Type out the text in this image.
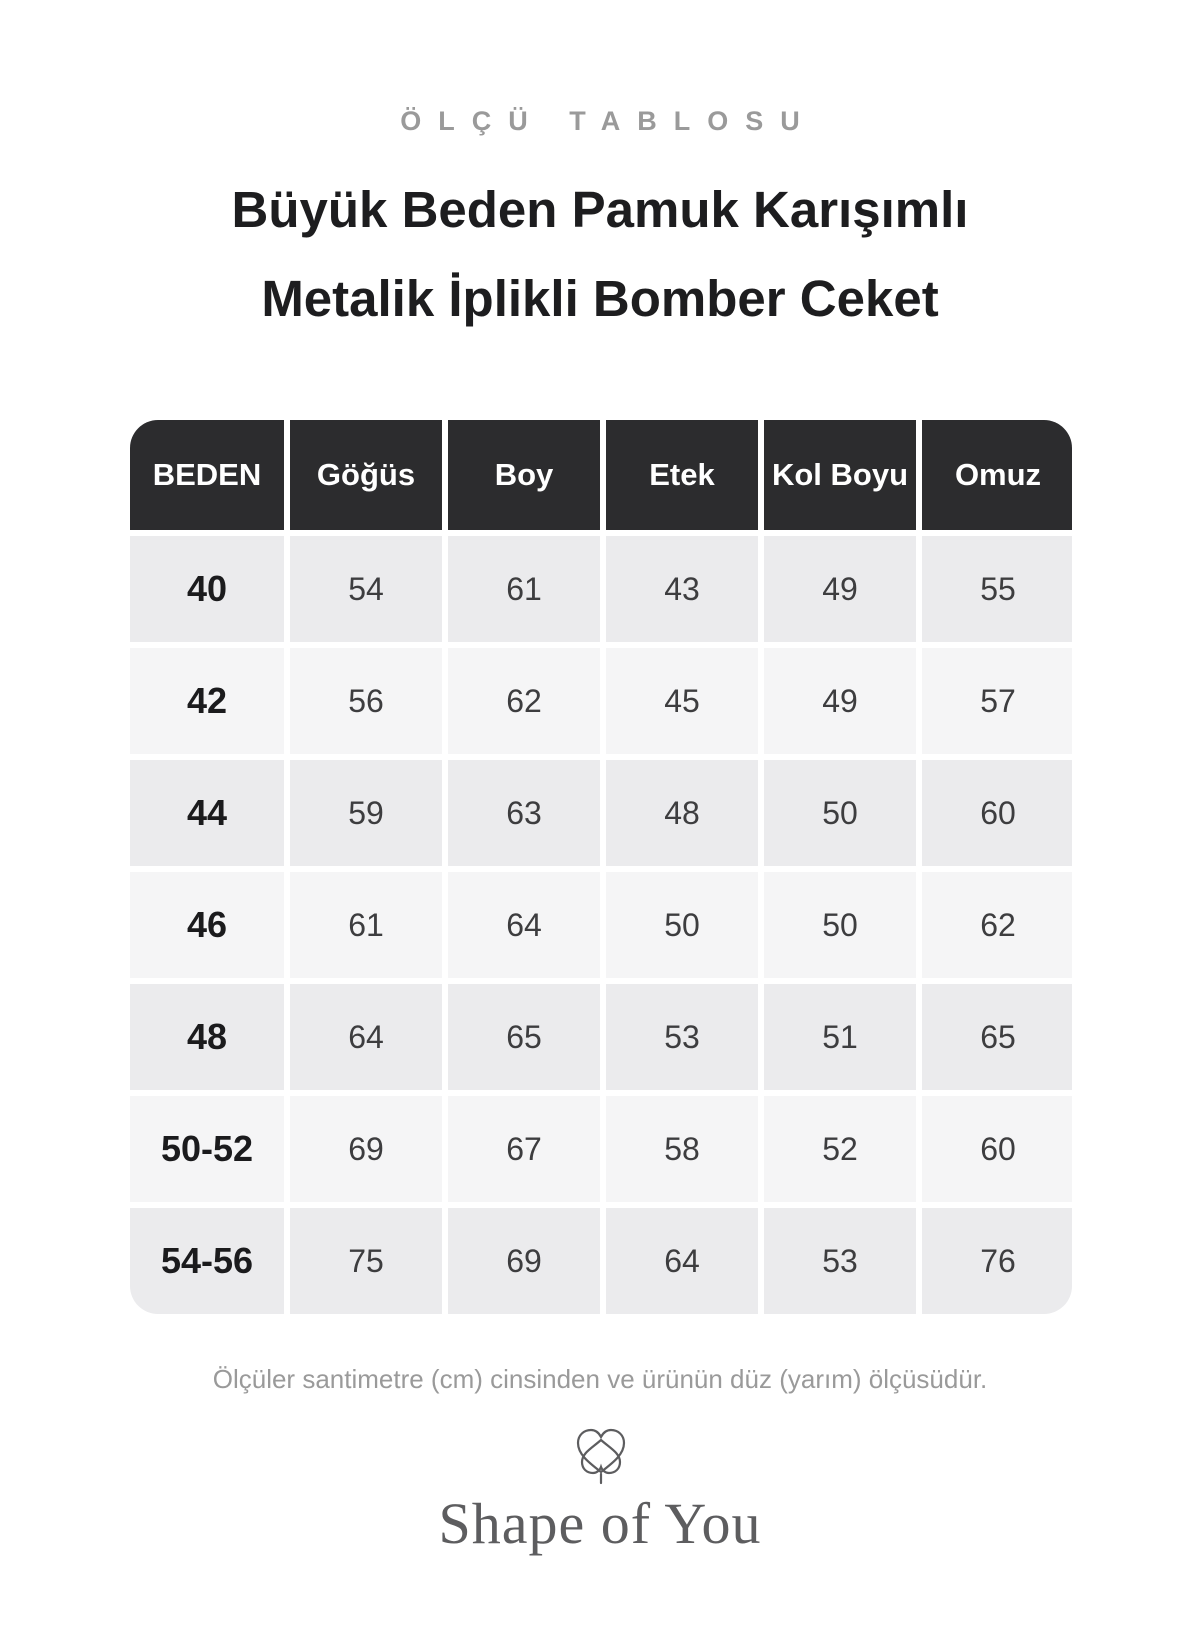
ÖLÇÜ TABLOSU
Büyük Beden Pamuk Karışımlı
Metalik İplikli Bomber Ceket
BEDEN	Göğüs	Boy	Etek	Kol Boyu	Omuz
40	54	61	43	49	55
42	56	62	45	49	57
44	59	63	48	50	60
46	61	64	50	50	62
48	64	65	53	51	65
50-52	69	67	58	52	60
54-56	75	69	64	53	76
Ölçüler santimetre (cm) cinsinden ve ürünün düz (yarım) ölçüsüdür.
Shape of You
